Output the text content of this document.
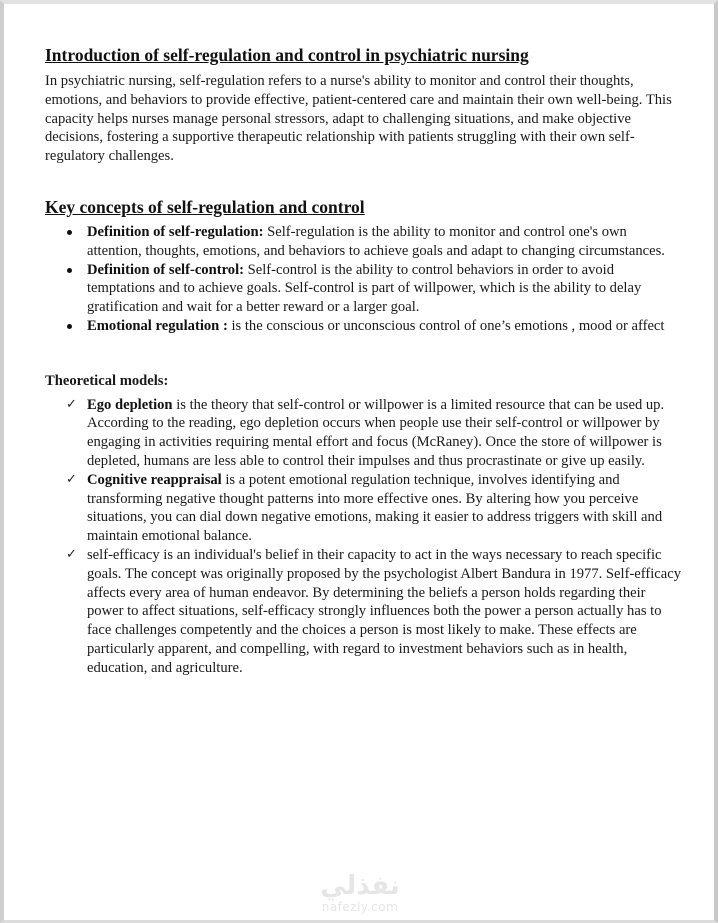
Introduction of self-regulation and control in psychiatric nursing

In psychiatric nursing, self-regulation refers to a nurse's ability to monitor and control their thoughts, emotions, and behaviors to provide effective, patient-centered care and maintain their own well-being. This capacity helps nurses manage personal stressors, adapt to challenging situations, and make objective decisions, fostering a supportive therapeutic relationship with patients struggling with their own self-regulatory challenges.

Key concepts of self-regulation and control
Definition of self-regulation: Self-regulation is the ability to monitor and control one's own attention, thoughts, emotions, and behaviors to achieve goals and adapt to changing circumstances.
Definition of self-control: Self-control is the ability to control behaviors in order to avoid temptations and to achieve goals. Self-control is part of willpower, which is the ability to delay gratification and wait for a better reward or a larger goal.
Emotional regulation : is the conscious or unconscious control of one’s emotions , mood or affect
Theoretical models:
✓ Ego depletion is the theory that self-control or willpower is a limited resource that can be used up. According to the reading, ego depletion occurs when people use their self-control or willpower by engaging in activities requiring mental effort and focus (McRaney). Once the store of willpower is depleted, humans are less able to control their impulses and thus procrastinate or give up easily.
✓ Cognitive reappraisal is a potent emotional regulation technique, involves identifying and transforming negative thought patterns into more effective ones. By altering how you perceive situations, you can dial down negative emotions, making it easier to address triggers with skill and maintain emotional balance.
✓ self-efficacy is an individual's belief in their capacity to act in the ways necessary to reach specific goals. The concept was originally proposed by the psychologist Albert Bandura in 1977. Self-efficacy affects every area of human endeavor. By determining the beliefs a person holds regarding their power to affect situations, self-efficacy strongly influences both the power a person actually has to face challenges competently and the choices a person is most likely to make. These effects are particularly apparent, and compelling, with regard to investment behaviors such as in health, education, and agriculture.
نفذلي
nafezly.com
